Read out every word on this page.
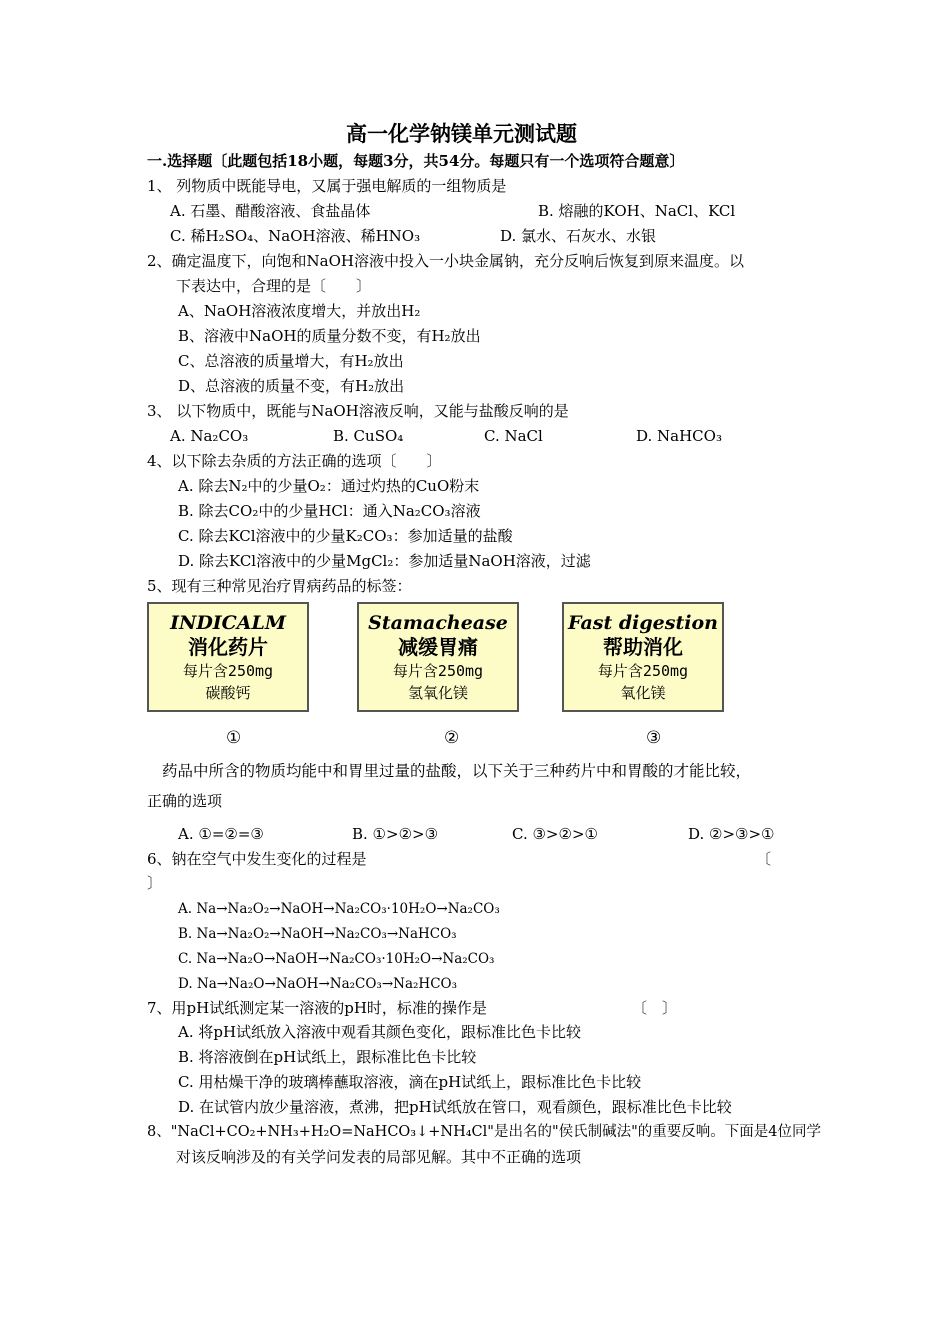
高一化学钠镁单元测试题
一.选择题〔此题包括18小题，每题3分，共54分。每题只有一个选项符合题意〕
1、 列物质中既能导电，又属于强电解质的一组物质是
A. 石墨、醋酸溶液、食盐晶体	B. 熔融的KOH、NaCl、KCl
C. 稀H₂SO₄、NaOH溶液、稀HNO₃	D. 氯水、石灰水、水银
2、确定温度下，向饱和NaOH溶液中投入一小块金属钠，充分反响后恢复到原来温度。以
下表达中，合理的是〔　　〕
A、NaOH溶液浓度增大，并放出H₂
B、溶液中NaOH的质量分数不变，有H₂放出
C、总溶液的质量增大，有H₂放出
D、总溶液的质量不变，有H₂放出
3、 以下物质中，既能与NaOH溶液反响，又能与盐酸反响的是
A. Na₂CO₃	B. CuSO₄	C. NaCl	D. NaHCO₃
4、以下除去杂质的方法正确的选项〔　　〕
A. 除去N₂中的少量O₂：通过灼热的CuO粉末
B. 除去CO₂中的少量HCl：通入Na₂CO₃溶液
C. 除去KCl溶液中的少量K₂CO₃：参加适量的盐酸
D. 除去KCl溶液中的少量MgCl₂：参加适量NaOH溶液，过滤
5、现有三种常见治疗胃病药品的标签：
INDICALM
消化药片
每片含250mg
碳酸钙
Stamachease
减缓胃痛
每片含250mg
氢氧化镁
Fast digestion
帮助消化
每片含250mg
氧化镁
①	②	③
药品中所含的物质均能中和胃里过量的盐酸，以下关于三种药片中和胃酸的才能比较，
正确的选项
A. ①=②=③	B. ①>②>③	C. ③>②>①	D. ②>③>①
6、钠在空气中发生变化的过程是	〔
〕
A. Na→Na₂O₂→NaOH→Na₂CO₃·10H₂O→Na₂CO₃
B. Na→Na₂O₂→NaOH→Na₂CO₃→NaHCO₃
C. Na→Na₂O→NaOH→Na₂CO₃·10H₂O→Na₂CO₃
D. Na→Na₂O→NaOH→Na₂CO₃→Na₂HCO₃
7、用pH试纸测定某一溶液的pH时，标准的操作是	〔　〕
A. 将pH试纸放入溶液中观看其颜色变化，跟标准比色卡比较
B. 将溶液倒在pH试纸上，跟标准比色卡比较
C. 用枯燥干净的玻璃棒蘸取溶液，滴在pH试纸上，跟标准比色卡比较
D. 在试管内放少量溶液，煮沸，把pH试纸放在管口，观看颜色，跟标准比色卡比较
8、"NaCl+CO₂+NH₃+H₂O=NaHCO₃↓+NH₄Cl"是出名的"侯氏制碱法"的重要反响。下面是4位同学
对该反响涉及的有关学问发表的局部见解。其中不正确的选项
